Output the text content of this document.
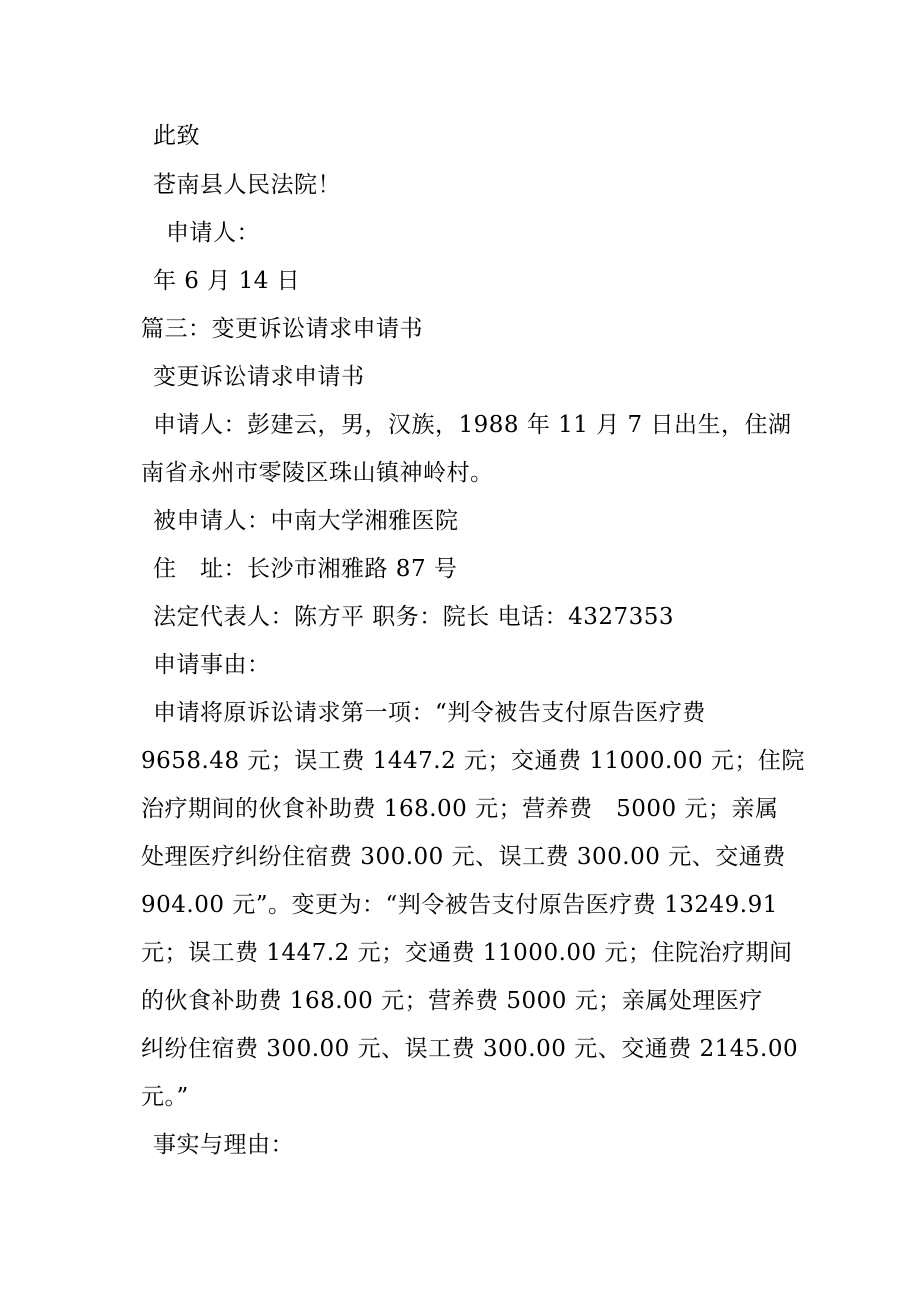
此致
苍南县人民法院！
申请人：
年 6 月 14 日
篇三：变更诉讼请求申请书
变更诉讼请求申请书
申请人：彭建云，男，汉族，1988 年 11 月 7 日出生，住湖
南省永州市零陵区珠山镇神岭村。
被申请人：中南大学湘雅医院
住　址：长沙市湘雅路 87 号
法定代表人：陈方平 职务：院长 电话：4327353
申请事由：
申请将原诉讼请求第一项：“判令被告支付原告医疗费
9658.48 元；误工费 1447.2 元；交通费 11000.00 元；住院
治疗期间的伙食补助费 168.00 元；营养费　5000 元；亲属
处理医疗纠纷住宿费 300.00 元、误工费 300.00 元、交通费
904.00 元”。变更为：“判令被告支付原告医疗费 13249.91
元；误工费 1447.2 元；交通费 11000.00 元；住院治疗期间
的伙食补助费 168.00 元；营养费 5000 元；亲属处理医疗
纠纷住宿费 300.00 元、误工费 300.00 元、交通费 2145.00
元。”
事实与理由：
